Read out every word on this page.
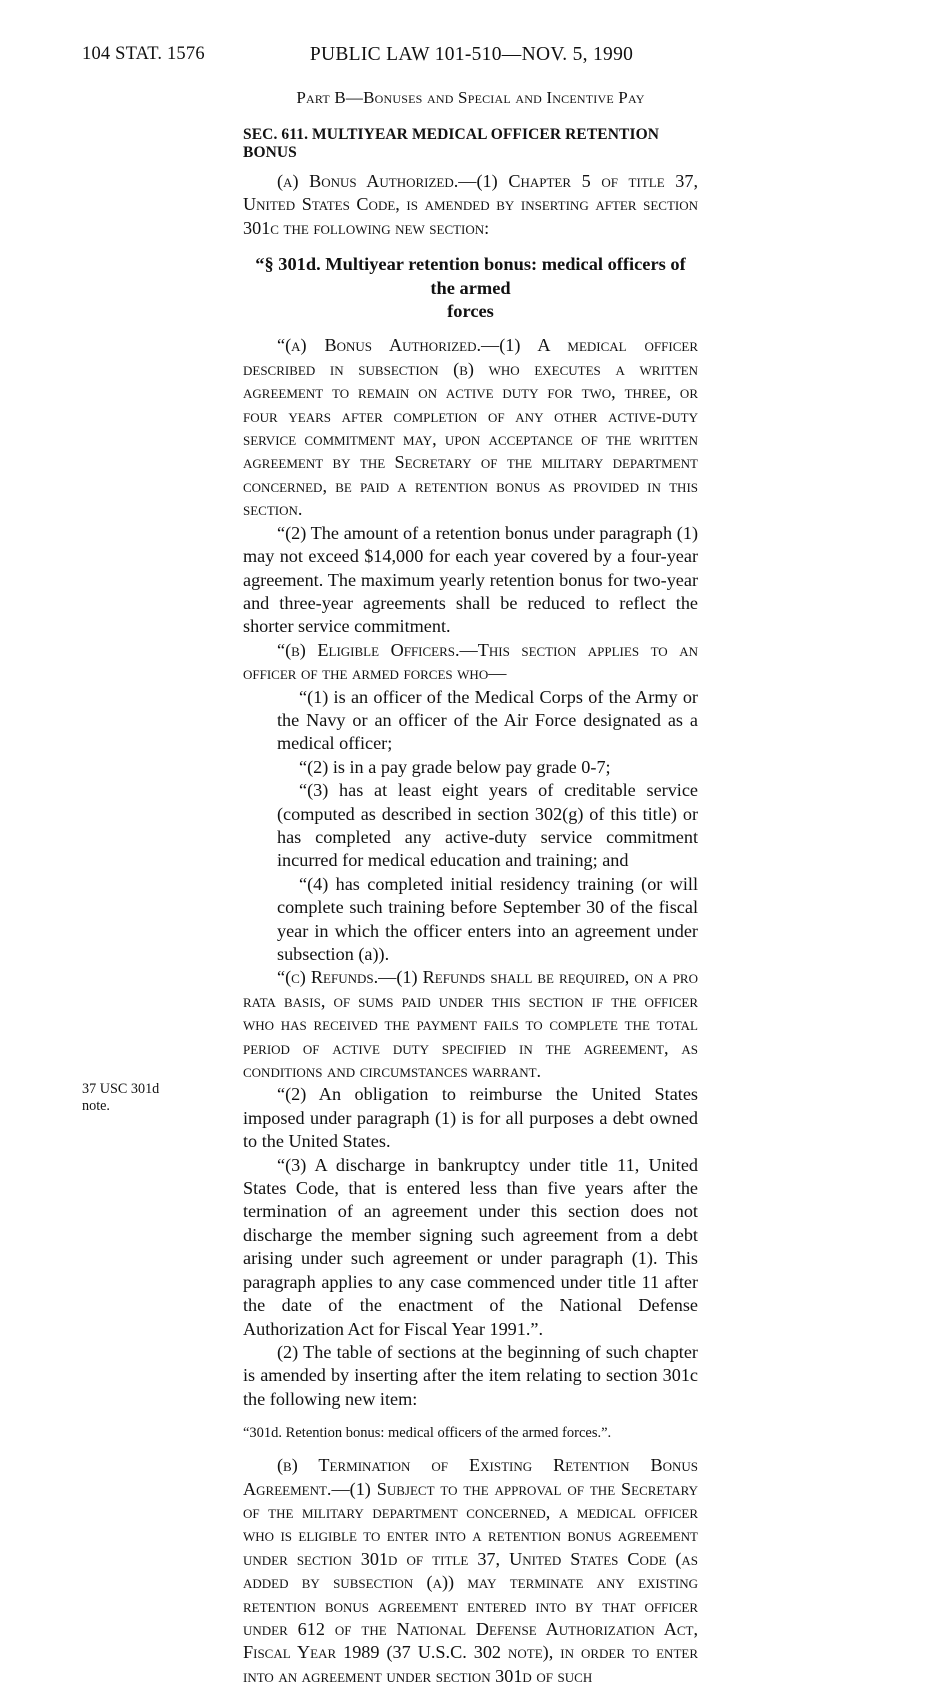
104 STAT. 1576	PUBLIC LAW 101-510—NOV. 5, 1990
37 USC 301d
note.
Part B—Bonuses and Special and Incentive Pay
SEC. 611. MULTIYEAR MEDICAL OFFICER RETENTION BONUS

(a) Bonus Authorized.—(1) Chapter 5 of title 37, United States Code, is amended by inserting after section 301c the following new section:

“§ 301d. Multiyear retention bonus: medical officers of the armed
forces

“(a) Bonus Authorized.—(1) A medical officer described in subsection (b) who executes a written agreement to remain on active duty for two, three, or four years after completion of any other active-duty service commitment may, upon acceptance of the written agreement by the Secretary of the military department concerned, be paid a retention bonus as provided in this section.

“(2) The amount of a retention bonus under paragraph (1) may not exceed $14,000 for each year covered by a four-year agreement. The maximum yearly retention bonus for two-year and three-year agreements shall be reduced to reflect the shorter service commitment.

“(b) Eligible Officers.—This section applies to an officer of the armed forces who—

“(1) is an officer of the Medical Corps of the Army or the Navy or an officer of the Air Force designated as a medical officer;

“(2) is in a pay grade below pay grade 0-7;

“(3) has at least eight years of creditable service (computed as described in section 302(g) of this title) or has completed any active-duty service commitment incurred for medical education and training; and

“(4) has completed initial residency training (or will complete such training before September 30 of the fiscal year in which the officer enters into an agreement under subsection (a)).

“(c) Refunds.—(1) Refunds shall be required, on a pro rata basis, of sums paid under this section if the officer who has received the payment fails to complete the total period of active duty specified in the agreement, as conditions and circumstances warrant.

“(2) An obligation to reimburse the United States imposed under paragraph (1) is for all purposes a debt owned to the United States.

“(3) A discharge in bankruptcy under title 11, United States Code, that is entered less than five years after the termination of an agreement under this section does not discharge the member signing such agreement from a debt arising under such agreement or under paragraph (1). This paragraph applies to any case commenced under title 11 after the date of the enactment of the National Defense Authorization Act for Fiscal Year 1991.”.

(2) The table of sections at the beginning of such chapter is amended by inserting after the item relating to section 301c the following new item:

“301d. Retention bonus: medical officers of the armed forces.”.

(b) Termination of Existing Retention Bonus Agreement.—(1) Subject to the approval of the Secretary of the military department concerned, a medical officer who is eligible to enter into a retention bonus agreement under section 301d of title 37, United States Code (as added by subsection (a)) may terminate any existing retention bonus agreement entered into by that officer under 612 of the National Defense Authorization Act, Fiscal Year 1989 (37 U.S.C. 302 note), in order to enter into an agreement under section 301d of such
